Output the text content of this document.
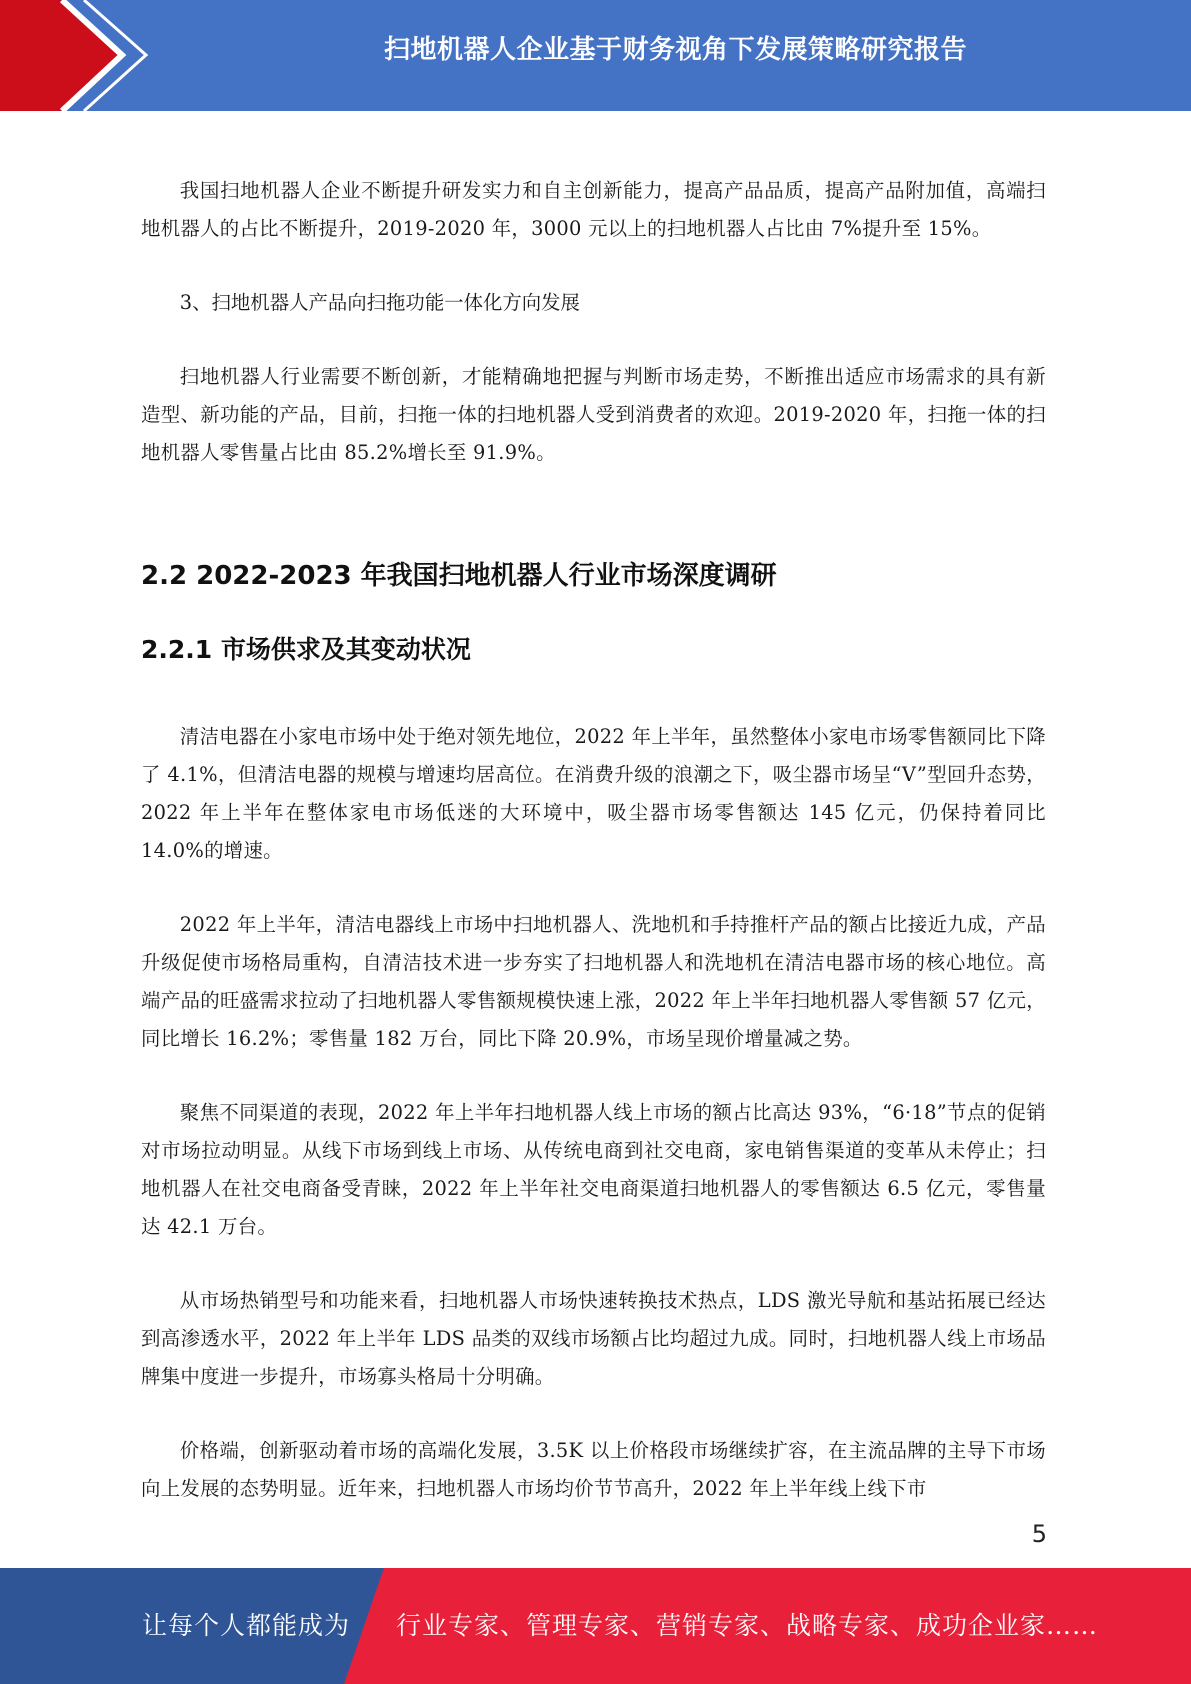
扫地机器人企业基于财务视角下发展策略研究报告

我国扫地机器人企业不断提升研发实力和自主创新能力，提高产品品质，提高产品附加值，高端扫地机器人的占比不断提升，2019-2020 年，3000 元以上的扫地机器人占比由 7%提升至 15%。

3、扫地机器人产品向扫拖功能一体化方向发展

扫地机器人行业需要不断创新，才能精确地把握与判断市场走势，不断推出适应市场需求的具有新造型、新功能的产品，目前，扫拖一体的扫地机器人受到消费者的欢迎。2019-2020 年，扫拖一体的扫地机器人零售量占比由 85.2%增长至 91.9%。

2.2 2022-2023 年我国扫地机器人行业市场深度调研
2.2.1 市场供求及其变动状况

清洁电器在小家电市场中处于绝对领先地位，2022 年上半年，虽然整体小家电市场零售额同比下降了 4.1%，但清洁电器的规模与增速均居高位。在消费升级的浪潮之下，吸尘器市场呈“V”型回升态势，2022 年上半年在整体家电市场低迷的大环境中，吸尘器市场零售额达 145 亿元，仍保持着同比 14.0%的增速。

2022 年上半年，清洁电器线上市场中扫地机器人、洗地机和手持推杆产品的额占比接近九成，产品升级促使市场格局重构，自清洁技术进一步夯实了扫地机器人和洗地机在清洁电器市场的核心地位。高端产品的旺盛需求拉动了扫地机器人零售额规模快速上涨，2022 年上半年扫地机器人零售额 57 亿元，同比增长 16.2%；零售量 182 万台，同比下降 20.9%，市场呈现价增量减之势。

聚焦不同渠道的表现，2022 年上半年扫地机器人线上市场的额占比高达 93%，“6·18”节点的促销对市场拉动明显。从线下市场到线上市场、从传统电商到社交电商，家电销售渠道的变革从未停止；扫地机器人在社交电商备受青睐，2022 年上半年社交电商渠道扫地机器人的零售额达 6.5 亿元，零售量达 42.1 万台。

从市场热销型号和功能来看，扫地机器人市场快速转换技术热点，LDS 激光导航和基站拓展已经达到高渗透水平，2022 年上半年 LDS 品类的双线市场额占比均超过九成。同时，扫地机器人线上市场品牌集中度进一步提升，市场寡头格局十分明确。

价格端，创新驱动着市场的高端化发展，3.5K 以上价格段市场继续扩容，在主流品牌的主导下市场向上发展的态势明显。近年来，扫地机器人市场均价节节高升，2022 年上半年线上线下市

5
让每个人都能成为 行业专家、管理专家、营销专家、战略专家、成功企业家……
